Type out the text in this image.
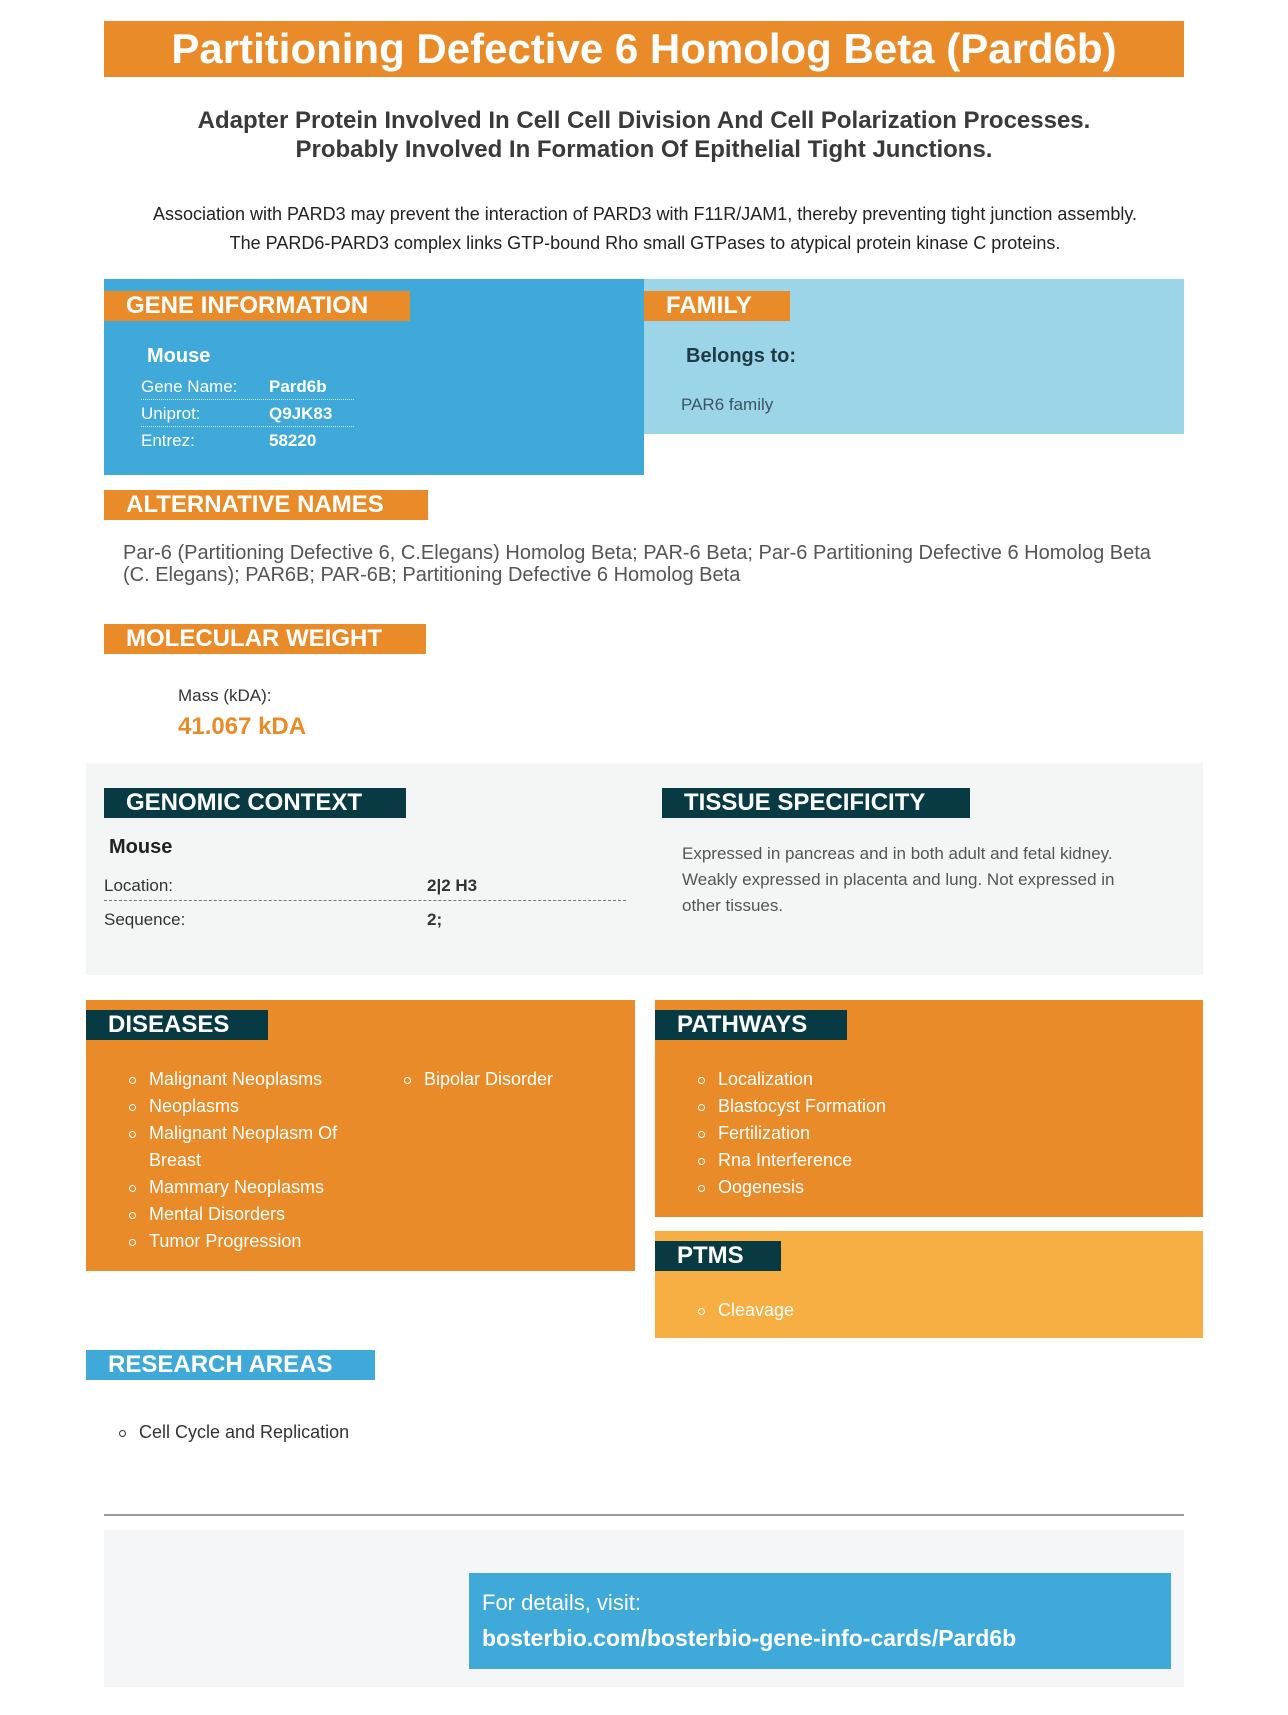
Partitioning Defective 6 Homolog Beta (Pard6b)
Adapter Protein Involved In Cell Cell Division And Cell Polarization Processes.
Probably Involved In Formation Of Epithelial Tight Junctions.
Association with PARD3 may prevent the interaction of PARD3 with F11R/JAM1, thereby preventing tight junction assembly. The PARD6-PARD3 complex links GTP-bound Rho small GTPases to atypical protein kinase C proteins.
GENE INFORMATION
Mouse
Gene Name: Pard6b
Uniprot:	Q9JK83
Entrez:	58220
FAMILY
Belongs to:
PAR6 family
ALTERNATIVE NAMES
Par-6 (Partitioning Defective 6, C.Elegans) Homolog Beta; PAR-6 Beta; Par-6 Partitioning Defective 6 Homolog Beta (C. Elegans); PAR6B; PAR-6B; Partitioning Defective 6 Homolog Beta
MOLECULAR WEIGHT
Mass (kDA):
41.067 kDA
GENOMIC CONTEXT
Mouse
Location:	2|2 H3
Sequence:	2;
TISSUE SPECIFICITY
Expressed in pancreas and in both adult and fetal kidney. Weakly expressed in placenta and lung. Not expressed in other tissues.
DISEASES
Malignant Neoplasms
Neoplasms
Malignant Neoplasm Of Breast
Mammary Neoplasms
Mental Disorders
Tumor Progression
Bipolar Disorder
PATHWAYS
Localization
Blastocyst Formation
Fertilization
Rna Interference
Oogenesis
PTMS
Cleavage
RESEARCH AREAS
Cell Cycle and Replication
For details, visit:
bosterbio.com/bosterbio-gene-info-cards/Pard6b
